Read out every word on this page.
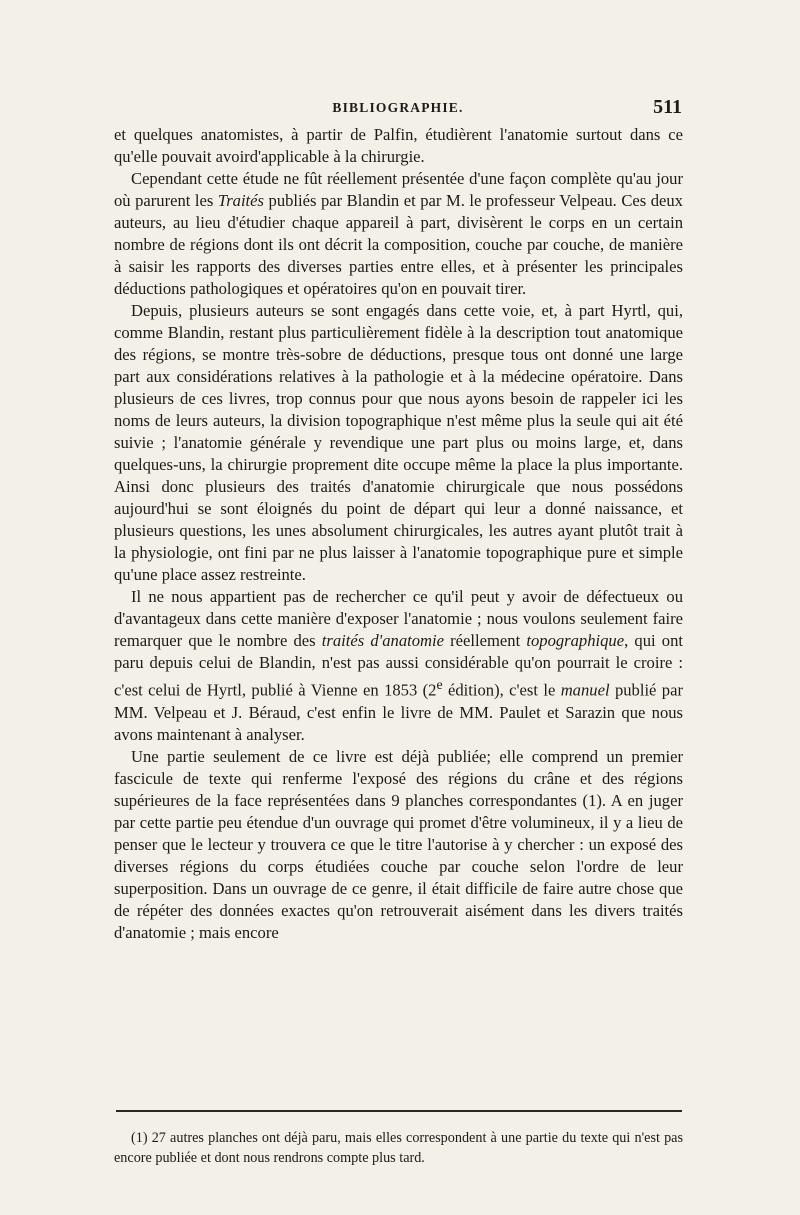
BIBLIOGRAPHIE.	511

et quelques anatomistes, à partir de Palfin, étudièrent l'anatomie surtout dans ce qu'elle pouvait avoird'applicable à la chirurgie.

Cependant cette étude ne fût réellement présentée d'une façon complète qu'au jour où parurent les Traités publiés par Blandin et par M. le professeur Velpeau. Ces deux auteurs, au lieu d'étudier chaque appareil à part, divisèrent le corps en un certain nombre de régions dont ils ont décrit la composition, couche par couche, de manière à saisir les rapports des diverses parties entre elles, et à présenter les principales déductions pathologiques et opératoires qu'on en pouvait tirer.

Depuis, plusieurs auteurs se sont engagés dans cette voie, et, à part Hyrtl, qui, comme Blandin, restant plus particulièrement fidèle à la description tout anatomique des régions, se montre très-sobre de déductions, presque tous ont donné une large part aux considérations relatives à la pathologie et à la médecine opératoire. Dans plusieurs de ces livres, trop connus pour que nous ayons besoin de rappeler ici les noms de leurs auteurs, la division topographique n'est même plus la seule qui ait été suivie ; l'anatomie générale y revendique une part plus ou moins large, et, dans quelques-uns, la chirurgie proprement dite occupe même la place la plus importante. Ainsi donc plusieurs des traités d'anatomie chirurgicale que nous possédons aujourd'hui se sont éloignés du point de départ qui leur a donné naissance, et plusieurs questions, les unes absolument chirurgicales, les autres ayant plutôt trait à la physiologie, ont fini par ne plus laisser à l'anatomie topographique pure et simple qu'une place assez restreinte.

Il ne nous appartient pas de rechercher ce qu'il peut y avoir de défectueux ou d'avantageux dans cette manière d'exposer l'anatomie ; nous voulons seulement faire remarquer que le nombre des traités d'anatomie réellement topographique, qui ont paru depuis celui de Blandin, n'est pas aussi considérable qu'on pourrait le croire : c'est celui de Hyrtl, publié à Vienne en 1853 (2e édition), c'est le manuel publié par MM. Velpeau et J. Béraud, c'est enfin le livre de MM. Paulet et Sarazin que nous avons maintenant à analyser.

Une partie seulement de ce livre est déjà publiée; elle comprend un premier fascicule de texte qui renferme l'exposé des régions du crâne et des régions supérieures de la face représentées dans 9 planches correspondantes (1). A en juger par cette partie peu étendue d'un ouvrage qui promet d'être volumineux, il y a lieu de penser que le lecteur y trouvera ce que le titre l'autorise à y chercher : un exposé des diverses régions du corps étudiées couche par couche selon l'ordre de leur superposition. Dans un ouvrage de ce genre, il était difficile de faire autre chose que de répéter des données exactes qu'on retrouverait aisément dans les divers traités d'anatomie ; mais encore

(1) 27 autres planches ont déjà paru, mais elles correspondent à une partie du texte qui n'est pas encore publiée et dont nous rendrons compte plus tard.
